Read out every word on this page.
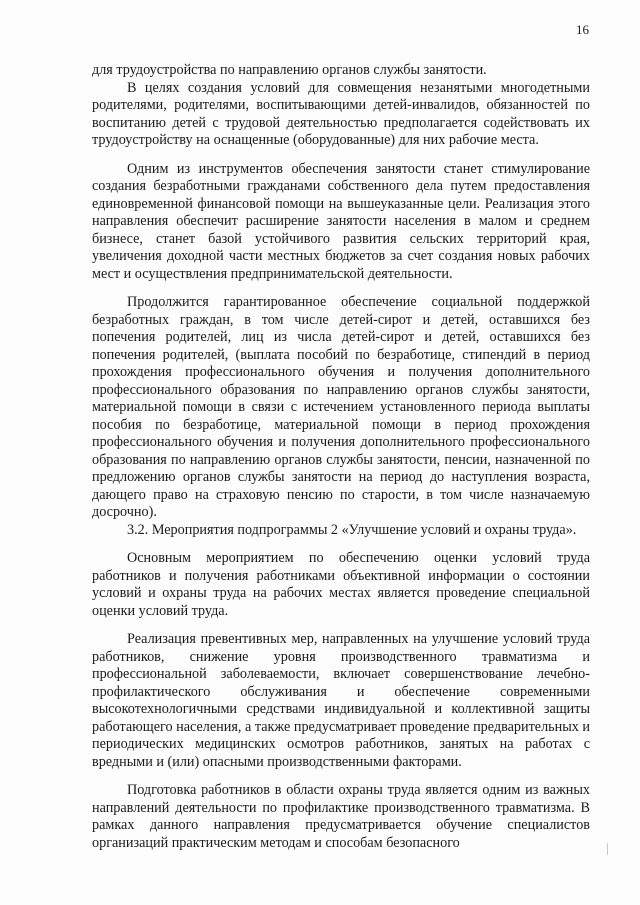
16

для трудоустройства по направлению органов службы занятости.

В целях создания условий для совмещения незанятыми многодетными родителями, родителями, воспитывающими детей-инвалидов, обязанностей по воспитанию детей с трудовой деятельностью предполагается содействовать их трудоустройству на оснащенные (оборудованные) для них рабочие места.

Одним из инструментов обеспечения занятости станет стимулирование создания безработными гражданами собственного дела путем предоставления единовременной финансовой помощи на вышеуказанные цели. Реализация этого направления обеспечит расширение занятости населения в малом и среднем бизнесе, станет базой устойчивого развития сельских территорий края, увеличения доходной части местных бюджетов за счет создания новых рабочих мест и осуществления предпринимательской деятельности.

Продолжится гарантированное обеспечение социальной поддержкой безработных граждан, в том числе детей-сирот и детей, оставшихся без попечения родителей, лиц из числа детей-сирот и детей, оставшихся без попечения родителей, (выплата пособий по безработице, стипендий в период прохождения профессионального обучения и получения дополнительного профессионального образования по направлению органов службы занятости, материальной помощи в связи с истечением установленного периода выплаты пособия по безработице, материальной помощи в период прохождения профессионального обучения и получения дополнительного профессионального образования по направлению органов службы занятости, пенсии, назначенной по предложению органов службы занятости на период до наступления возраста, дающего право на страховую пенсию по старости, в том числе назначаемую досрочно).

3.2. Мероприятия подпрограммы 2 «Улучшение условий и охраны труда».

Основным мероприятием по обеспечению оценки условий труда работников и получения работниками объективной информации о состоянии условий и охраны труда на рабочих местах является проведение специальной оценки условий труда.

Реализация превентивных мер, направленных на улучшение условий труда работников, снижение уровня производственного травматизма и профессиональной заболеваемости, включает совершенствование лечебно-профилактического обслуживания и обеспечение современными высокотехнологичными средствами индивидуальной и коллективной защиты работающего населения, а также предусматривает проведение предварительных и периодических медицинских осмотров работников, занятых на работах с вредными и (или) опасными производственными факторами.

Подготовка работников в области охраны труда является одним из важных направлений деятельности по профилактике производственного травматизма. В рамках данного направления предусматривается обучение специалистов организаций практическим методам и способам безопасного
